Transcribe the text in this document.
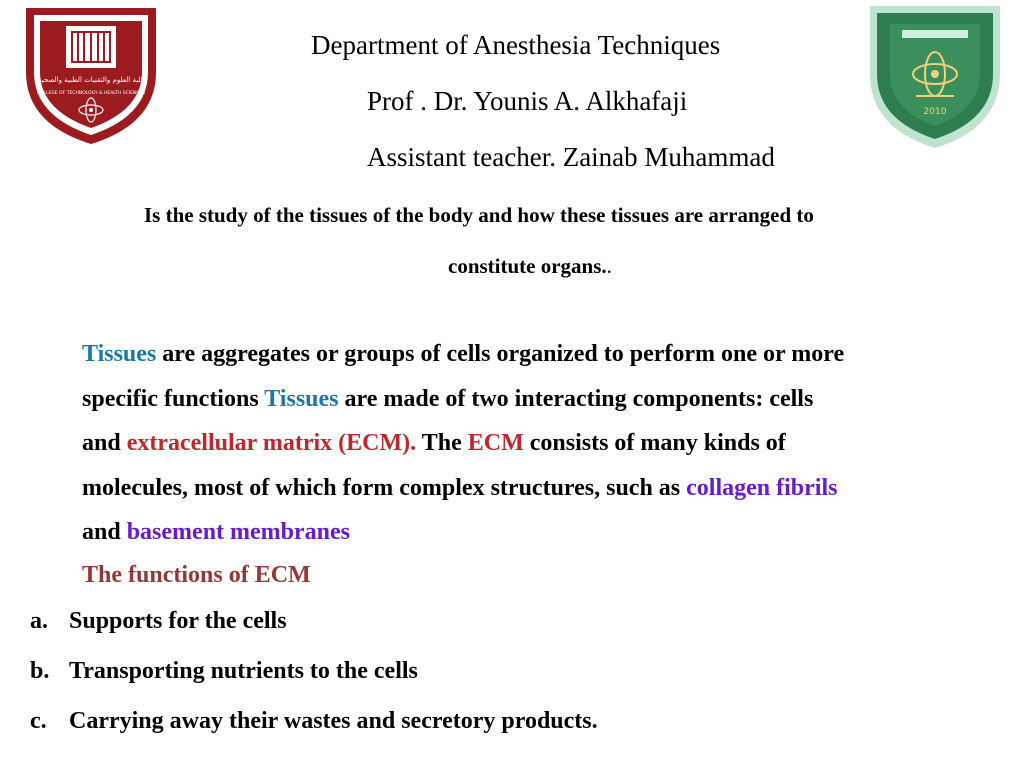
كلية العلوم والتقنيات الطبية والصحية
COLLEGE OF TECHNOLOGY & HEALTH SCIENCES
2010
Department of Anesthesia Techniques
Prof . Dr. Younis A. Alkhafaji
Assistant teacher. Zainab Muhammad
Is the study of the tissues of the body and how these tissues are arranged to
constitute organs..
Tissues are aggregates or groups of cells organized to perform one or more
specific functions Tissues are made of two interacting components: cells
and extracellular matrix (ECM). The ECM consists of many kinds of
molecules, most of which form complex structures, such as collagen fibrils
and basement membranes
The functions of ECM
a. Supports for the cells
b. Transporting nutrients to the cells
c. Carrying away their wastes and secretory products.
